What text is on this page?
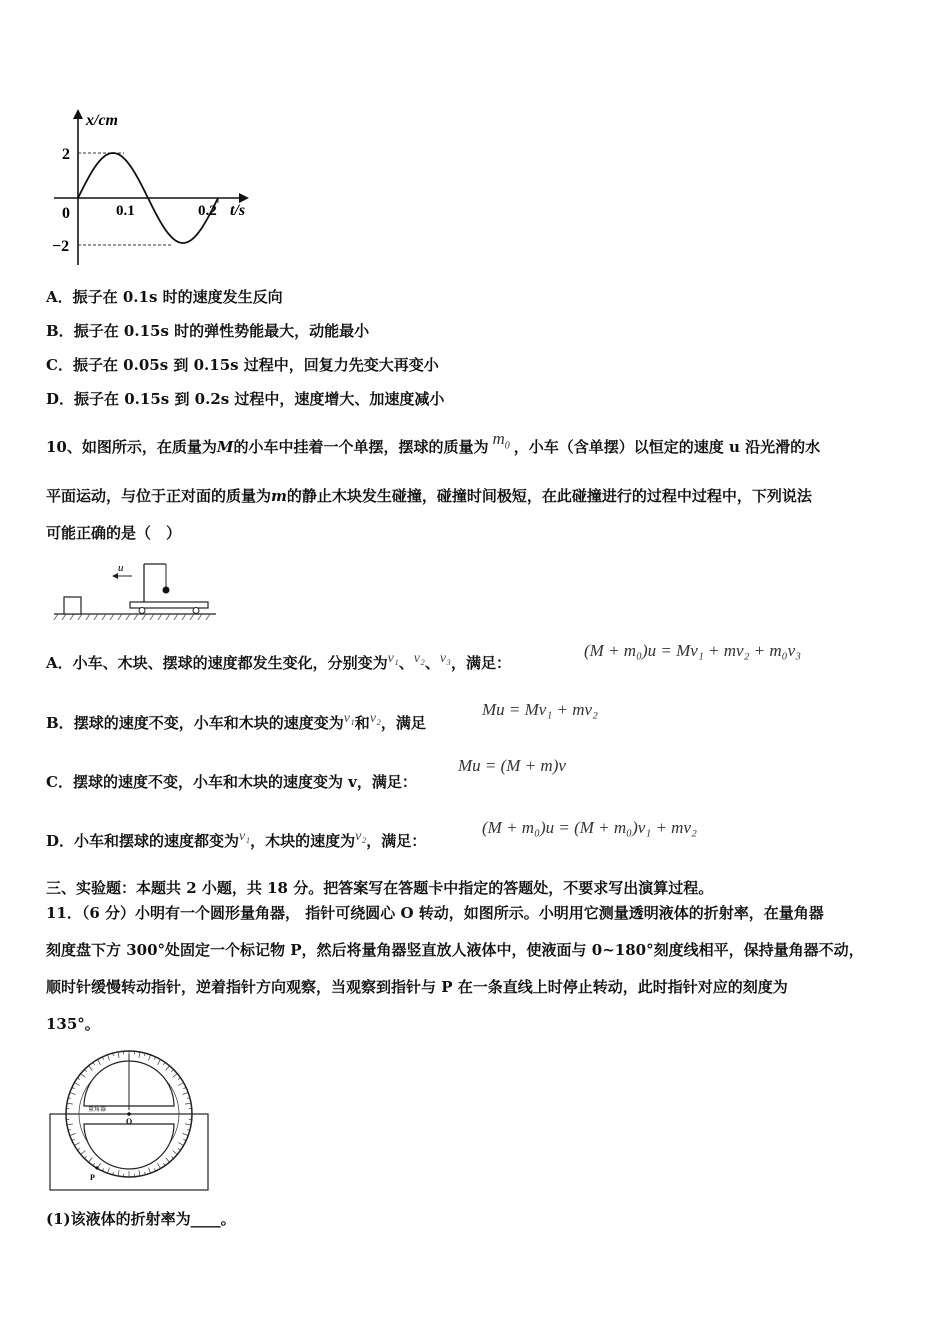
x/cm
2
−2
0	0.1	0.2 t/s
A．振子在 0.1s 时的速度发生反向
B．振子在 0.15s 时的弹性势能最大，动能最小
C．振子在 0.05s 到 0.15s 过程中，回复力先变大再变小
D．振子在 0.15s 到 0.2s 过程中，速度增大、加速度减小
10、如图所示，在质量为M的小车中挂着一个单摆，摆球的质量为 $m_0$ ，小车（含单摆）以恒定的速度 u 沿光滑的水
平面运动，与位于正对面的质量为m的静止木块发生碰撞，碰撞时间极短，在此碰撞进行的过程中过程中，下列说法
可能正确的是（　）
u
A．小车、木块、摆球的速度都发生变化，分别变为v₁、v₂、v₃，满足：
(M + m₀)u = Mv₁ + mv₂ + m₀v₃
B．摆球的速度不变，小车和木块的速度变为v₁和v₂，满足
Mu = Mv₁ + mv₂
C．摆球的速度不变，小车和木块的速度变为 v，满足：
Mu = (M + m)v
D．小车和摆球的速度都变为v₁，木块的速度为v₂，满足：
(M + m₀)u = (M + m₀)v₁ + mv₂
三、实验题：本题共 2 小题，共 18 分。把答案写在答题卡中指定的答题处，不要求写出演算过程。
11．（6 分）小明有一个圆形量角器， 指针可绕圆心 O 转动，如图所示。小明用它测量透明液体的折射率，在量角器
刻度盘下方 300°处固定一个标记物 P，然后将量角器竖直放人液体中，使液面与 0~180°刻度线相平，保持量角器不动，
顺时针缓慢转动指针，逆着指针方向观察，当观察到指针与 P 在一条直线上时停止转动，此时指针对应的刻度为
135°。
O
量角器
P
(1)该液体的折射率为____。
